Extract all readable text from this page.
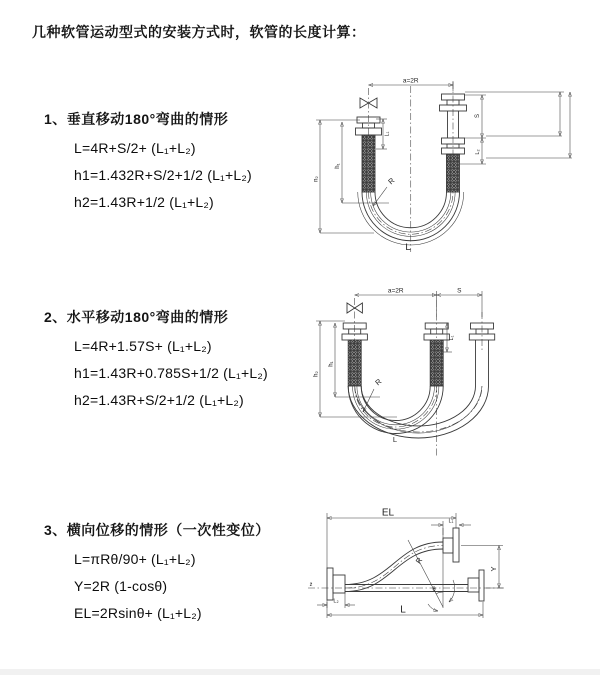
几种软管运动型式的安装方式时，软管的长度计算：
1、垂直移动180°弯曲的情形
L=4R+S/2+ (L₁+L₂)
h1=1.432R+S/2+1/2 (L₁+L₂)
h2=1.43R+1/2 (L₁+L₂)
2、水平移动180°弯曲的情形
L=4R+1.57S+ (L₁+L₂)
h1=1.43R+0.785S+1/2 (L₁+L₂)
h2=1.43R+S/2+1/2 (L₁+L₂)
3、横向位移的情形（一次性变位）
L=πRθ/90+ (L₁+L₂)
Y=2R (1-cosθ)
EL=2Rsinθ+ (L₁+L₂)
a=2R
L₁
S
L₂
h₁
h₂	R
L
a=2R	S
L₁
h₁
h₂
R
L
z̄
EL
L₁
Y
L
L₂
θ
R
